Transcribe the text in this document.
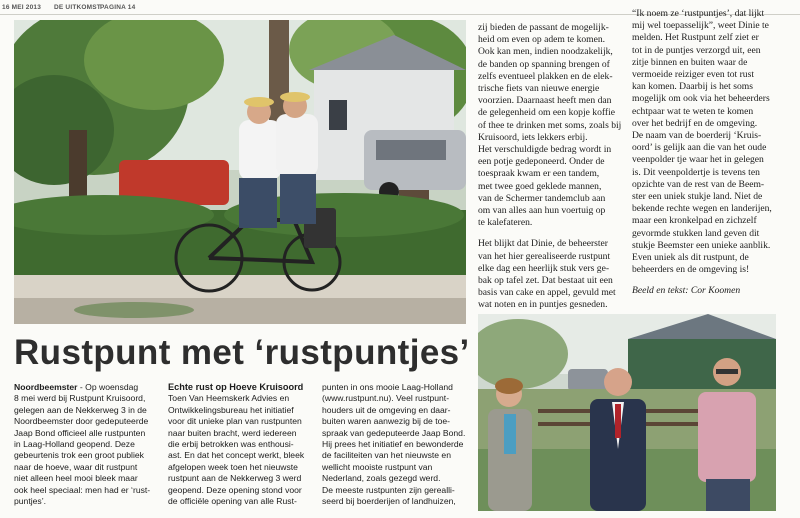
16 MEI 2013 DE UITKOMST PAGINA 14
zij bieden de passant de mogelijk-
heid om even op adem te komen.
Ook kan men, indien noodzakelijk,
de banden op spanning brengen of
zelfs eventueel plakken en de elek-
trische fiets van nieuwe energie
voorzien. Daarnaast heeft men dan
de gelegenheid om een kopje koffie
of thee te drinken met soms, zoals bij
Kruisoord, iets lekkers erbij.
Het verschuldigde bedrag wordt in
een potje gedeponeerd. Onder de
toespraak kwam er een tandem,
met twee goed geklede mannen,
van de Schermer tandemclub aan
om van alles aan hun voertuig op
te kalefateren.
Het blijkt dat Dinie, de beheerster
van het hier gerealiseerde rustpunt
elke dag een heerlijk stuk vers ge-
bak op tafel zet. Dat bestaat uit een
basis van cake en appel, gevuld met
wat noten en in puntjes gesneden.
“Ik noem ze ‘rustpuntjes’, dat lijkt
mij wel toepasselijk”, weet Dinie te
melden. Het Rustpunt zelf ziet er
tot in de puntjes verzorgd uit, een
zitje binnen en buiten waar de
vermoeide reiziger even tot rust
kan komen. Daarbij is het soms
mogelijk om ook via het beheerders
echtpaar wat te weten te komen
over het bedrijf en de omgeving.
De naam van de boerderij ‘Kruis-
oord’ is gelijk aan die van het oude
veenpolder tje waar het in gelegen
is. Dit veenpoldertje is tevens ten
opzichte van de rest van de Beem-
ster een uniek stukje land. Niet de
bekende rechte wegen en landerijen,
maar een kronkelpad en zichzelf
gevormde stukken land geven dit
stukje Beemster een unieke aanblik.
Even uniek als dit rustpunt, de
beheerders en de omgeving is!
Beeld en tekst: Cor Koomen
Rustpunt met ‘rustpuntjes’
Noordbeemster - Op woensdag
8 mei werd bij Rustpunt Kruisoord,
gelegen aan de Nekkerweg 3 in de
Noordbeemster door gedeputeerde
Jaap Bond officieel alle rustpunten
in Laag-Holland geopend. Deze
gebeurtenis trok een groot publiek
naar de hoeve, waar dit rustpunt
niet alleen heel mooi bleek maar
ook heel speciaal: men had er ‘rust-
puntjes’.
Echte rust op Hoeve Kruisoord
Toen Van Heemskerk Advies en
Ontwikkelingsbureau het initiatief
voor dit unieke plan van rustpunten
naar buiten bracht, werd iedereen
die erbij betrokken was enthousi-
ast. En dat het concept werkt, bleek
afgelopen week toen het nieuwste
rustpunt aan de Nekkerweg 3 werd
geopend. Deze opening stond voor
de officiële opening van alle Rust-
punten in ons mooie Laag-Holland
(www.rustpunt.nu). Veel rustpunt-
houders uit de omgeving en daar-
buiten waren aanwezig bij de toe-
spraak van gedeputeerde Jaap Bond.
Hij prees het initiatief en bewonderde
de faciliteiten van het nieuwste en
wellicht mooiste rustpunt van
Nederland, zoals gezegd werd.
De meeste rustpunten zijn gerealli-
seerd bij boerderijen of landhuizen,
